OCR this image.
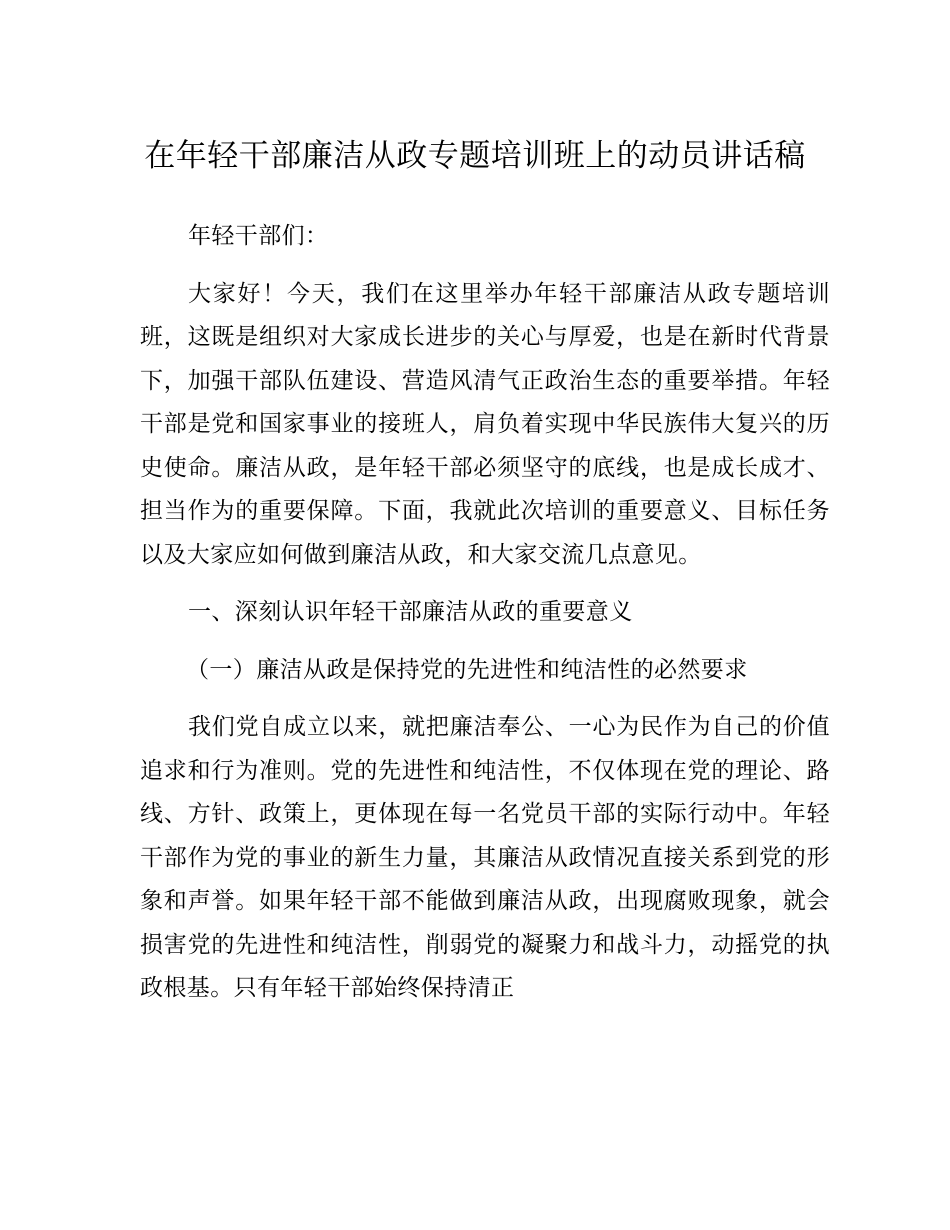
在年轻干部廉洁从政专题培训班上的动员讲话稿

年轻干部们：

大家好！今天，我们在这里举办年轻干部廉洁从政专题培训班，这既是组织对大家成长进步的关心与厚爱，也是在新时代背景下，加强干部队伍建设、营造风清气正政治生态的重要举措。年轻干部是党和国家事业的接班人，肩负着实现中华民族伟大复兴的历史使命。廉洁从政，是年轻干部必须坚守的底线，也是成长成才、担当作为的重要保障。下面，我就此次培训的重要意义、目标任务以及大家应如何做到廉洁从政，和大家交流几点意见。

一、深刻认识年轻干部廉洁从政的重要意义

（一）廉洁从政是保持党的先进性和纯洁性的必然要求

我们党自成立以来，就把廉洁奉公、一心为民作为自己的价值追求和行为准则。党的先进性和纯洁性，不仅体现在党的理论、路线、方针、政策上，更体现在每一名党员干部的实际行动中。年轻干部作为党的事业的新生力量，其廉洁从政情况直接关系到党的形象和声誉。如果年轻干部不能做到廉洁从政，出现腐败现象，就会损害党的先进性和纯洁性，削弱党的凝聚力和战斗力，动摇党的执政根基。只有年轻干部始终保持清正
